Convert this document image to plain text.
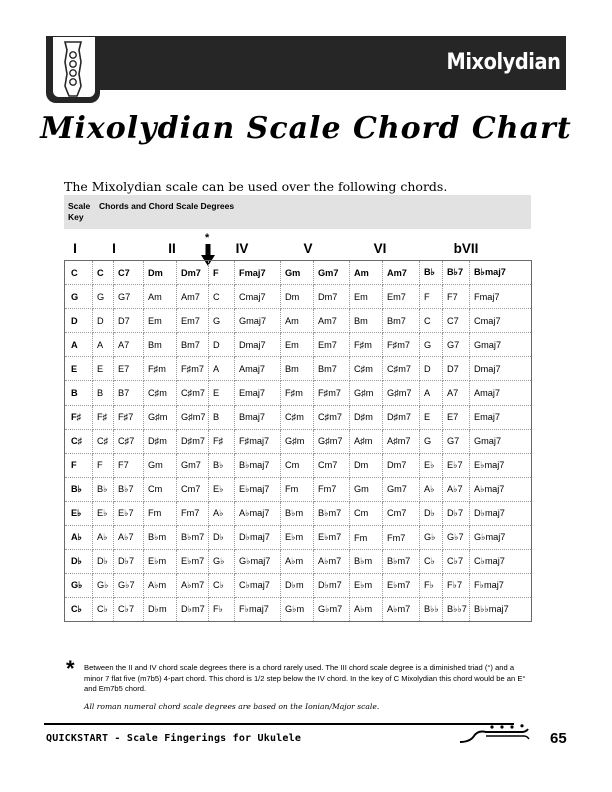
Mixolydian
Mixolydian Scale Chord Chart
The Mixolydian scale can be used over the following chords.
Scale Key
Chords and Chord Scale Degrees
I	I	II	IV	V	VI	bVII
*
C	C	C7	Dm	Dm7	F	Fmaj7	Gm	Gm7	Am	Am7	B♭	B♭7	B♭maj7
G	G	G7	Am	Am7	C	Cmaj7	Dm	Dm7	Em	Em7	F	F7	Fmaj7
D	D	D7	Em	Em7	G	Gmaj7	Am	Am7	Bm	Bm7	C	C7	Cmaj7
A	A	A7	Bm	Bm7	D	Dmaj7	Em	Em7	F♯m	F♯m7	G	G7	Gmaj7
E	E	E7	F♯m	F♯m7	A	Amaj7	Bm	Bm7	C♯m	C♯m7	D	D7	Dmaj7
B	B	B7	C♯m	C♯m7	E	Emaj7	F♯m	F♯m7	G♯m	G♯m7	A	A7	Amaj7
F♯	F♯	F♯7	G♯m	G♯m7	B	Bmaj7	C♯m	C♯m7	D♯m	D♯m7	E	E7	Emaj7
C♯	C♯	C♯7	D♯m	D♯m7	F♯	F♯maj7	G♯m	G♯m7	A♯m	A♯m7	G	G7	Gmaj7
F	F	F7	Gm	Gm7	B♭	B♭maj7	Cm	Cm7	Dm	Dm7	E♭	E♭7	E♭maj7
B♭	B♭	B♭7	Cm	Cm7	E♭	E♭maj7	Fm	Fm7	Gm	Gm7	A♭	A♭7	A♭maj7
E♭	E♭	E♭7	Fm	Fm7	A♭	A♭maj7	B♭m	B♭m7	Cm	Cm7	D♭	D♭7	D♭maj7
A♭	A♭	A♭7	B♭m	B♭m7	D♭	D♭maj7	E♭m	E♭m7	Fm	Fm7	G♭	G♭7	G♭maj7
D♭	D♭	D♭7	E♭m	E♭m7	G♭	G♭maj7	A♭m	A♭m7	B♭m	B♭m7	C♭	C♭7	C♭maj7
G♭	G♭	G♭7	A♭m	A♭m7	C♭	C♭maj7	D♭m	D♭m7	E♭m	E♭m7	F♭	F♭7	F♭maj7
C♭	C♭	C♭7	D♭m	D♭m7	F♭	F♭maj7	G♭m	G♭m7	A♭m	A♭m7	B♭♭	B♭♭7	B♭♭maj7
* Between the II and IV chord scale degrees there is a chord rarely used. The III chord scale degree is a diminished triad (°) and a minor 7 flat five (m7b5) 4-part chord. This chord is 1/2 step below the IV chord. In the key of C Mixolydian this chord would be an E° and Em7b5 chord.
All roman numeral chord scale degrees are based on the Ionian/Major scale.
QUICKSTART - Scale Fingerings for Ukulele	65
